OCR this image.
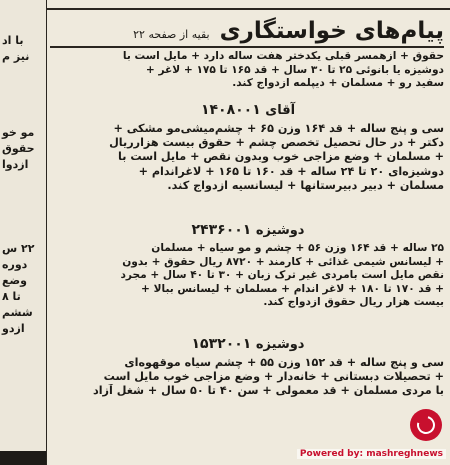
با اد
نیز م
مو خو
حقوق
ازدوا
۲۲ س
دوره
وضع
تا ۸
ششم
ازدو
پیام‌های خواستگاری
بقیه از صفحه ۲۲
حقوق + ازهمسر قبلی یکدختر هفت ساله دارد + مایل است با
دوشیزه یا بانوئی ۲۵ تا ۳۰ سال + قد ۱۶۵ تا ۱۷۵ + لاغر +
سفید رو + مسلمان + دیپلمه ازدواج کند.
آقای ۱۴۰۸۰۰۱
سی‌ و پنج ساله + قد ۱۶۴ وزن ۶۵ + چشم‌میشی‌مو مشکی +
دکتر + در حال تحصیل تخصص چشم + حقوق بیست هزارریال
+ مسلمان + وضع مزاجی خوب وبدون نقص + مایل است با
دوشیزه‌ای ۲۰ تا ۲۴ ساله + قد ۱۶۰ تا ۱۶۵ + لاغراندام +
مسلمان + دبیر دبیرستانها + لیسانسیه ازدواج کند.
دوشیزه ۲۴۳۶۰۰۱
۲۵ ساله + قد ۱۶۴ وزن ۵۶ + چشم و مو سیاه + مسلمان
+ لیسانس شیمی غذائی + کارمند + ۸۷۲۰ ریال حقوق + بدون
نقص مایل است بامردی غیر ترک زبان + ۳۰ تا ۴۰ سال + مجرد
+ قد ۱۷۰ تا ۱۸۰ + لاغر اندام + مسلمان + لیسانس ببالا +
بیست هزار ریال حقوق ازدواج کند.
دوشیزه ۱۵۳۲۰۰۱
سی و پنج ساله + قد ۱۵۲ وزن ۵۵ + چشم سیاه موقهوه‌ای
+ تحصیلات دبستانی + خانه‌دار + وضع مزاجی خوب مایل است
با مردی مسلمان + قد معمولی + سن ۴۰ تا ۵۰ سال + شغل آزاد
Powered by: mashreghnews
